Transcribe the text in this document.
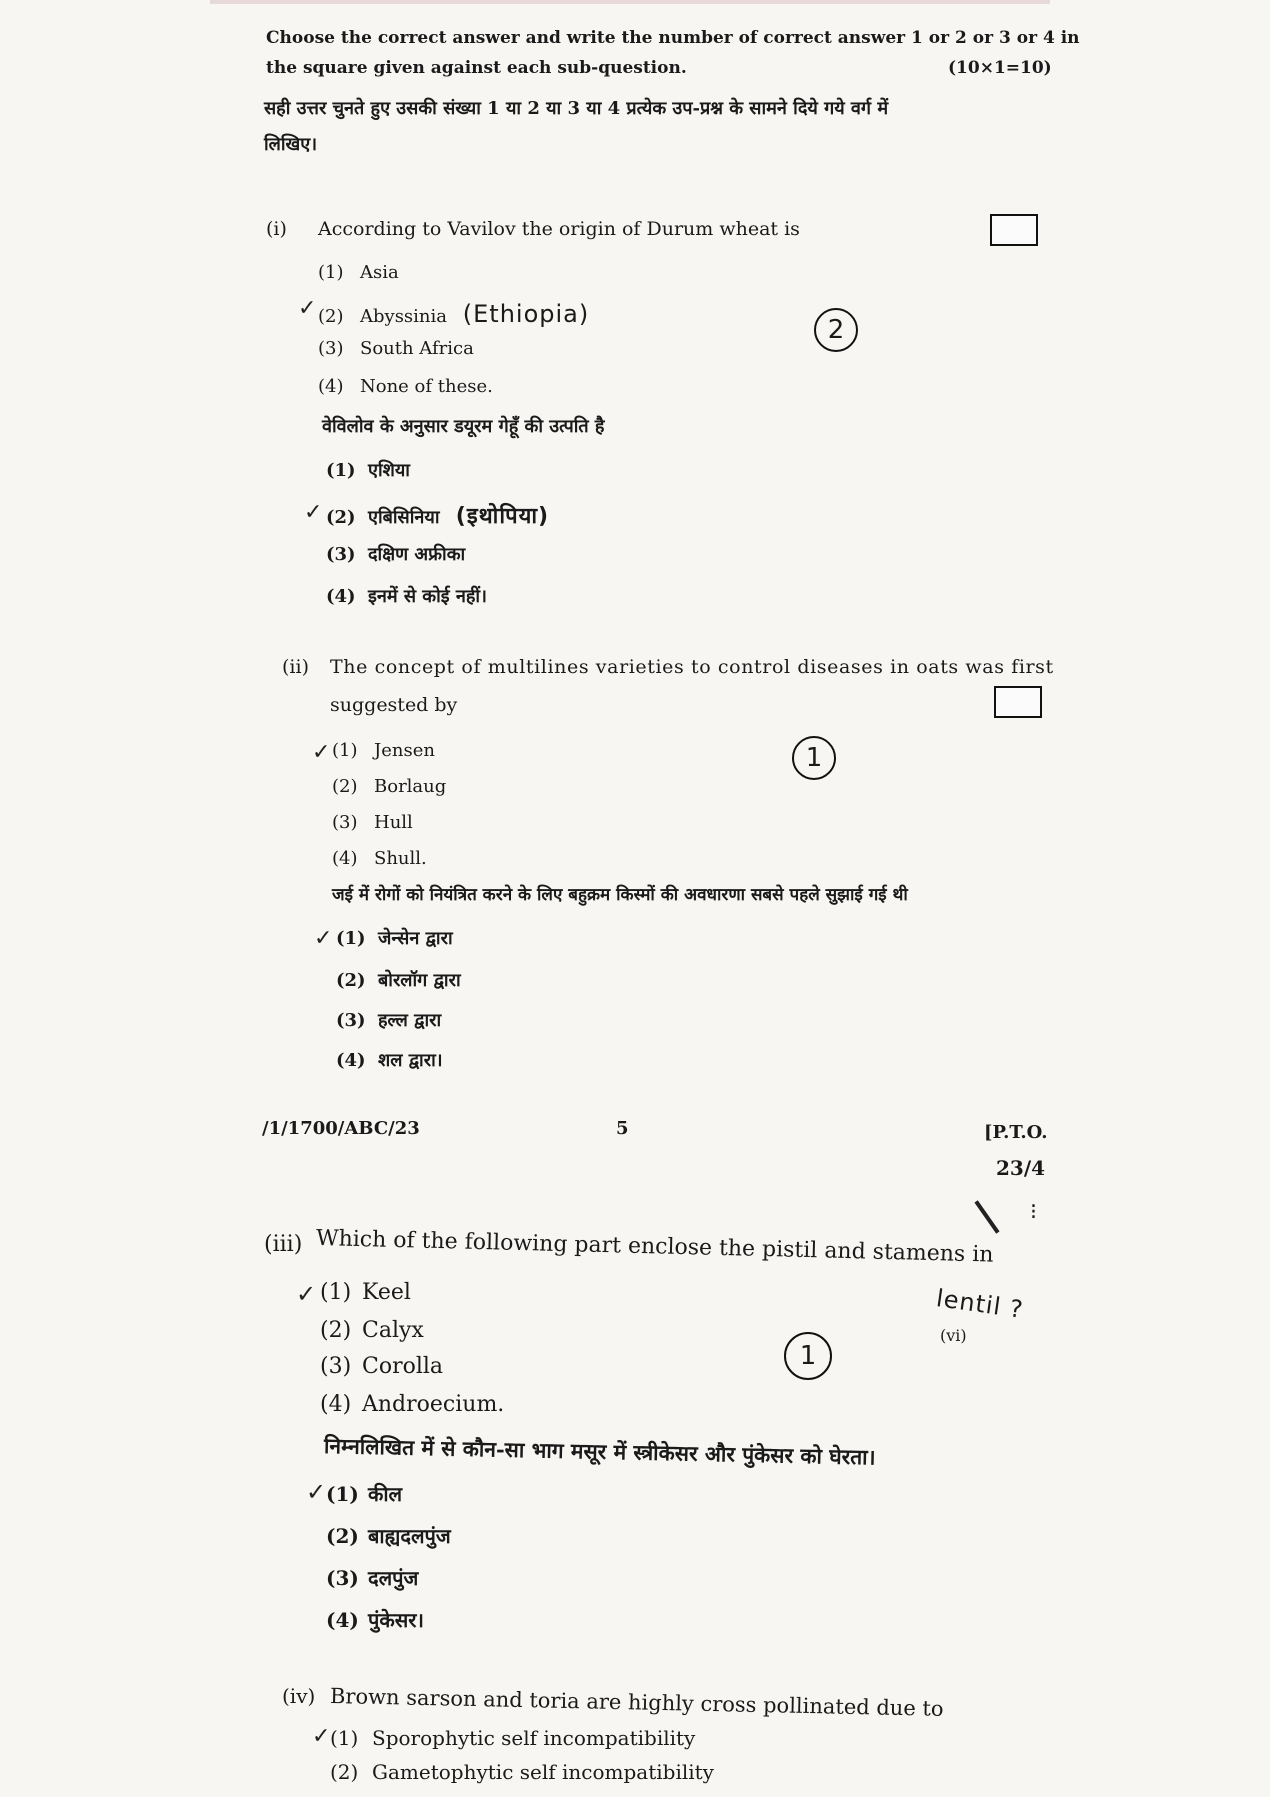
Choose the correct answer and write the number of correct answer 1 or 2 or 3 or 4 in
the square given against each sub-question.	(10×1=10)
सही उत्तर चुनते हुए उसकी संख्या 1 या 2 या 3 या 4 प्रत्येक उप-प्रश्न के सामने दिये गये वर्ग में
लिखिए।
(i) According to Vavilov the origin of Durum wheat is
(1) Asia
✓ (2) Abyssinia (Ethiopia)
2
(3) South Africa
(4) None of these.
वेविलोव के अनुसार डयूरम गेहूँ की उत्पति है
(1) एशिया
✓ (2) एबिसिनिया (इथोपिया)
(3) दक्षिण अफ्रीका
(4) इनमें से कोई नहीं।
(ii) The concept of multilines varieties to control diseases in oats was first
suggested by
✓ (1) Jensen	1
(2) Borlaug
(3) Hull
(4) Shull.
जई में रोगों को नियंत्रित करने के लिए बहुक्रम किस्मों की अवधारणा सबसे पहले सुझाई गई थी
✓ (1) जेन्सेन द्वारा
(2) बोरलॉग द्वारा
(3) हल्ल द्वारा
(4) शल द्वारा।
/1/1700/ABC/23	5	[P.T.O.
23/4
⁝
(iii) Which of the following part enclose the pistil and stamens in
lentil ?
(vi)
✓ (1) Keel
1
(2) Calyx
(3) Corolla
(4) Androecium.
निम्नलिखित में से कौन-सा भाग मसूर में स्त्रीकेसर और पुंकेसर को घेरता।
✓ (1) कील
(2) बाह्यदलपुंज
(3) दलपुंज
(4) पुंकेसर।
(iv) Brown sarson and toria are highly cross pollinated due to
✓ (1) Sporophytic self incompatibility
(2) Gametophytic self incompatibility
